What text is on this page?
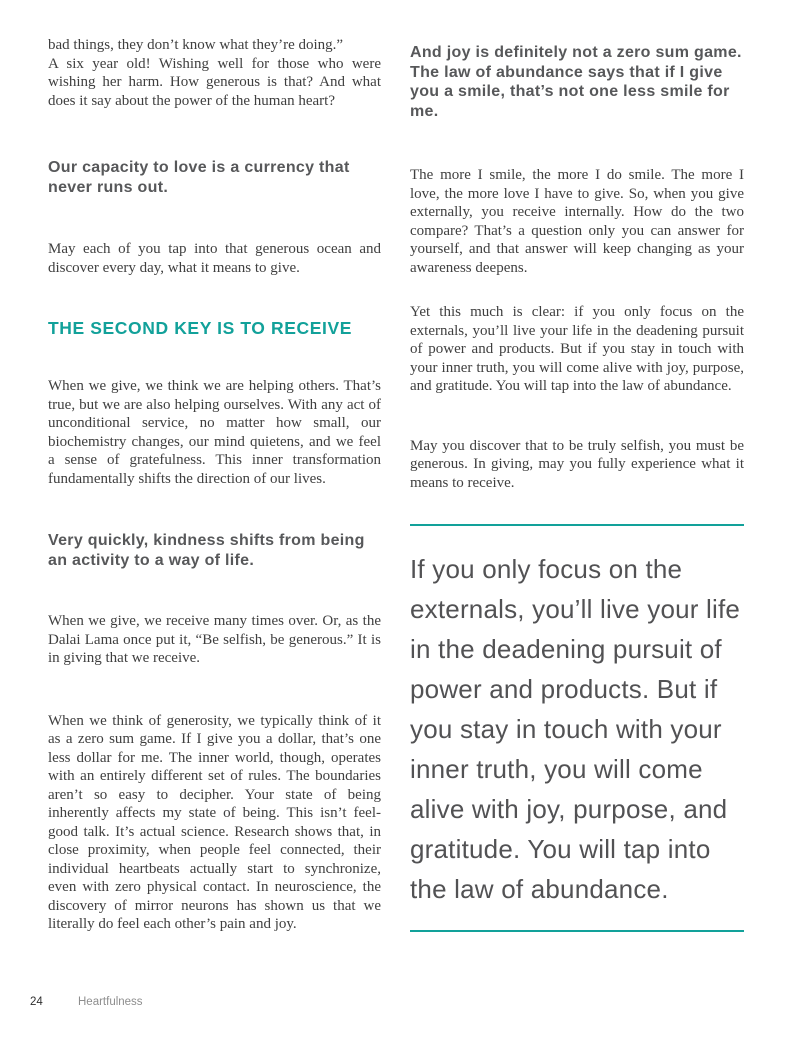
bad things, they don’t know what they’re doing.”
A six year old! Wishing well for those who were wishing her harm. How generous is that? And what does it say about the power of the human heart?

Our capacity to love is a currency that never runs out.

May each of you tap into that generous ocean and discover every day, what it means to give.

THE SECOND KEY IS TO RECEIVE

When we give, we think we are helping others. That’s true, but we are also helping ourselves. With any act of unconditional service, no matter how small, our biochemistry changes, our mind quietens, and we feel a sense of gratefulness. This inner transformation fundamentally shifts the direction of our lives.

Very quickly, kindness shifts from being an activity to a way of life.

When we give, we receive many times over. Or, as the Dalai Lama once put it, “Be selfish, be generous.” It is in giving that we receive.

When we think of generosity, we typically think of it as a zero sum game. If I give you a dollar, that’s one less dollar for me. The inner world, though, operates with an entirely different set of rules. The boundaries aren’t so easy to decipher. Your state of being inherently affects my state of being. This isn’t feel-good talk. It’s actual science. Research shows that, in close proximity, when people feel connected, their individual heartbeats actually start to synchronize, even with zero physical contact. In neuroscience, the discovery of mirror neurons has shown us that we literally do feel each other’s pain and joy.

And joy is definitely not a zero sum game. The law of abundance says that if I give you a smile, that’s not one less smile for me.

The more I smile, the more I do smile. The more I love, the more love I have to give. So, when you give externally, you receive internally. How do the two compare? That’s a question only you can answer for yourself, and that answer will keep changing as your awareness deepens.

Yet this much is clear: if you only focus on the externals, you’ll live your life in the deadening pursuit of power and products. But if you stay in touch with your inner truth, you will come alive with joy, purpose, and gratitude. You will tap into the law of abundance.

May you discover that to be truly selfish, you must be generous. In giving, may you fully experience what it means to receive.

If you only focus on the externals, you’ll live your life in the deadening pursuit of power and products. But if you stay in touch with your inner truth, you will come alive with joy, purpose, and gratitude. You will tap into the law of abundance.

24	Heartfulness
